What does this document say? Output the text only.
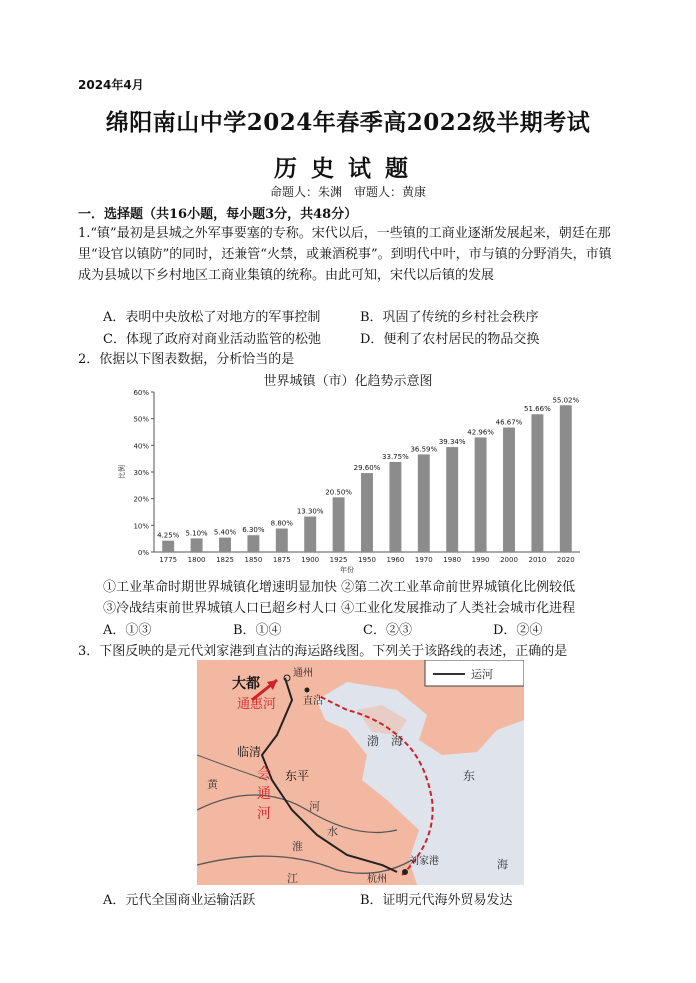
2024年4月
绵阳南山中学2024年春季高2022级半期考试
历史试题
命题人：朱渊　审题人：黄康
一．选择题（共16小题，每小题3分，共48分）
1.“镇”最初是县城之外军事要塞的专称。宋代以后，一些镇的工商业逐渐发展起来，朝廷在那里“设官以镇防”的同时，还兼管“火禁，或兼酒税事”。到明代中叶，市与镇的分野消失，市镇成为县城以下乡村地区工商业集镇的统称。由此可知，宋代以后镇的发展
A．表明中央放松了对地方的军事控制	B．巩固了传统的乡村社会秩序
C．体现了政府对商业活动监管的松弛	D．便利了农村居民的物品交换
2．依据以下图表数据，分析恰当的是
世界城镇（市）化趋势示意图
0%
10%
20%
30%
40%
50%
60%
比例
4.25%
1775
5.10%
1800
5.40%
1825
6.30%
1850
8.80%
1875
13.30%
1900
20.50%
1925
29.60%
1950
33.75%
1960
36.59%
1970
39.34%
1980
42.96%
1990
46.67%
2000
51.66%
2010
55.02%
2020
年份
①工业革命时期世界城镇化增速明显加快 ②第二次工业革命前世界城镇化比例较低
③冷战结束前世界城镇人口已超乡村人口 ④工业化发展推动了人类社会城市化进程
A．①③	B．①④	C．②③	D．②④
3．下图反映的是元代刘家港到直沽的海运路线图。下列关于该路线的表述，正确的是
运河
大都
通州
直沽
通惠河
临清
会
通
河
东平
渤　海
东
黄
河
淮
水
江	杭州
刘家港	海
A．元代全国商业运输活跃	B．证明元代海外贸易发达
